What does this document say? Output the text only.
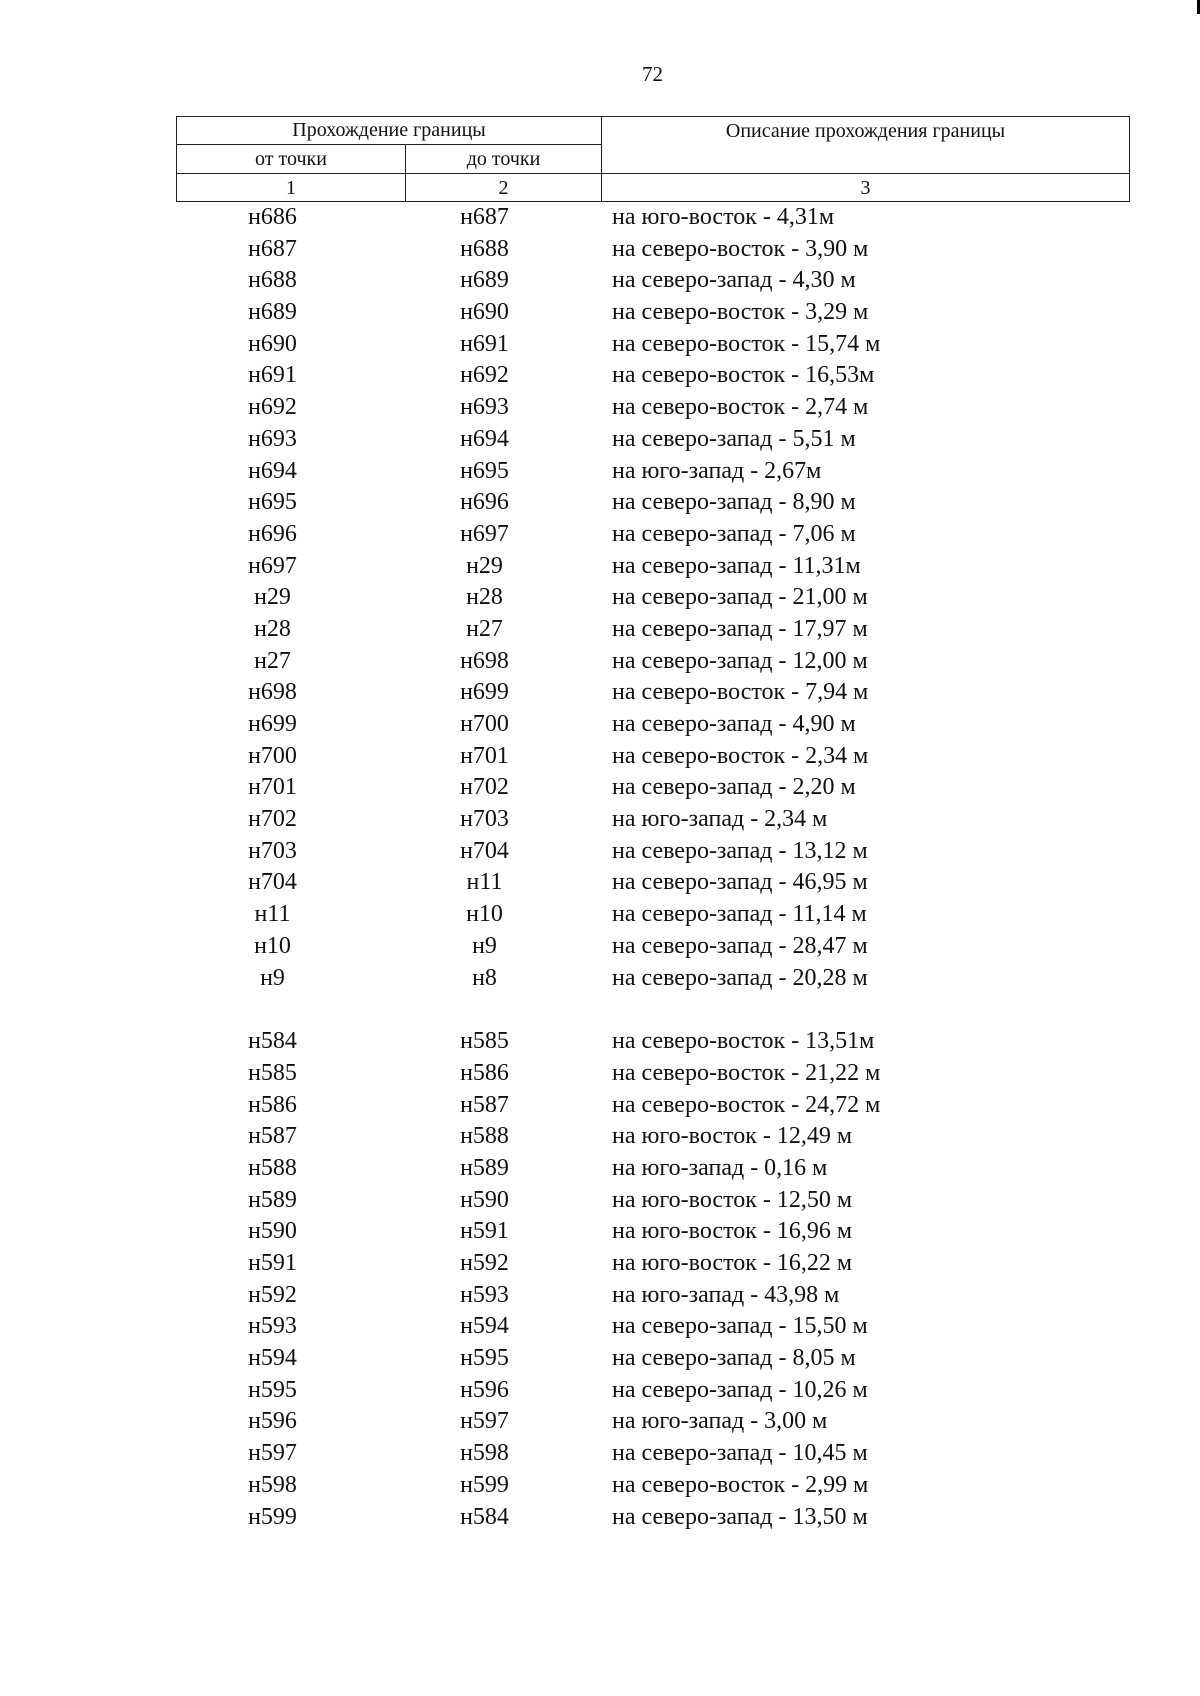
72
Прохождение границы		Описание прохождения границы
от точки	до точки	
1	2	3
н686	н687	на юго-восток - 4,31м
н687	н688	на северо-восток - 3,90 м
н688	н689	на северо-запад - 4,30 м
н689	н690	на северо-восток - 3,29 м
н690	н691	на северо-восток - 15,74 м
н691	н692	на северо-восток - 16,53м
н692	н693	на северо-восток - 2,74 м
н693	н694	на северо-запад - 5,51 м
н694	н695	на юго-запад - 2,67м
н695	н696	на северо-запад - 8,90 м
н696	н697	на северо-запад - 7,06 м
н697	н29	на северо-запад - 11,31м
н29	н28	на северо-запад - 21,00 м
н28	н27	на северо-запад - 17,97 м
н27	н698	на северо-запад - 12,00 м
н698	н699	на северо-восток - 7,94 м
н699	н700	на северо-запад - 4,90 м
н700	н701	на северо-восток - 2,34 м
н701	н702	на северо-запад - 2,20 м
н702	н703	на юго-запад - 2,34 м
н703	н704	на северо-запад - 13,12 м
н704	н11	на северо-запад - 46,95 м
н11	н10	на северо-запад - 11,14 м
н10	н9	на северо-запад - 28,47 м
н9	н8	на северо-запад - 20,28 м
н584	н585	на северо-восток - 13,51м
н585	н586	на северо-восток - 21,22 м
н586	н587	на северо-восток - 24,72 м
н587	н588	на юго-восток - 12,49 м
н588	н589	на юго-запад - 0,16 м
н589	н590	на юго-восток - 12,50 м
н590	н591	на юго-восток - 16,96 м
н591	н592	на юго-восток - 16,22 м
н592	н593	на юго-запад - 43,98 м
н593	н594	на северо-запад - 15,50 м
н594	н595	на северо-запад - 8,05 м
н595	н596	на северо-запад - 10,26 м
н596	н597	на юго-запад - 3,00 м
н597	н598	на северо-запад - 10,45 м
н598	н599	на северо-восток - 2,99 м
н599	н584	на северо-запад - 13,50 м
